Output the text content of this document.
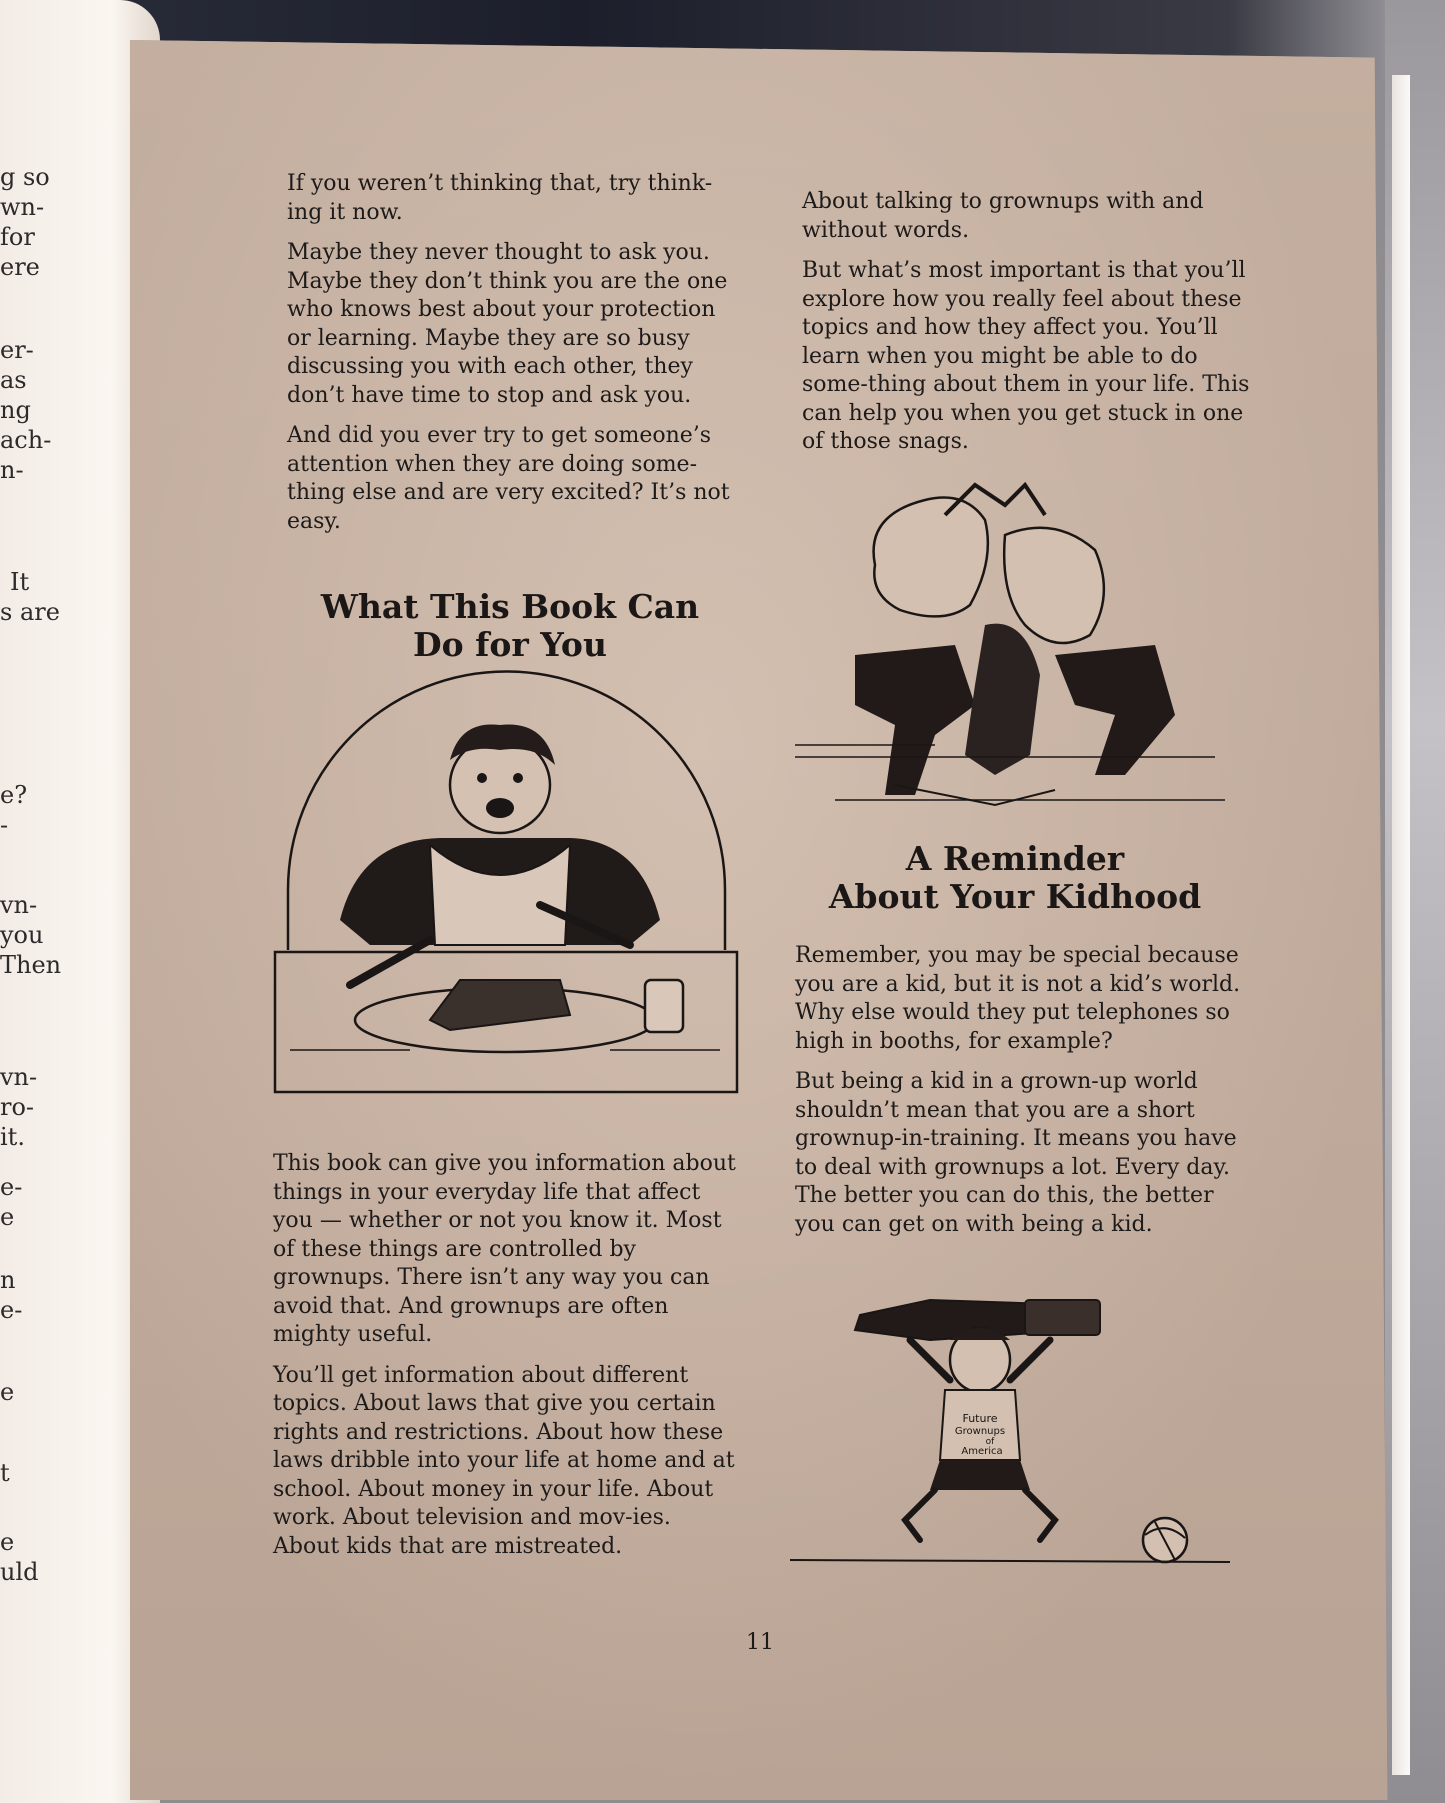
g so
wn-
for
ere
er-
as
ng
ach-
n-
It
s are
e?
-
vn-
you
Then
vn-
ro-
it.
e-
e
n
e-
e
t
e
uld

If you weren’t thinking that, try think-ing it now.

Maybe they never thought to ask you. Maybe they don’t think you are the one who knows best about your protection or learning. Maybe they are so busy discussing you with each other, they don’t have time to stop and ask you.

And did you ever try to get someone’s attention when they are doing some-thing else and are very excited? It’s not easy.

What This Book Can
Do for You

This book can give you information about things in your everyday life that affect you — whether or not you know it. Most of these things are controlled by grownups. There isn’t any way you can avoid that. And grownups are often mighty useful.

You’ll get information about different topics. About laws that give you certain rights and restrictions. About how these laws dribble into your life at home and at school. About money in your life. About work. About television and mov-ies. About kids that are mistreated.

About talking to grownups with and without words.

But what’s most important is that you’ll explore how you really feel about these topics and how they affect you. You’ll learn when you might be able to do some-thing about them in your life. This can help you when you get stuck in one of those snags.

A Reminder
About Your Kidhood

Remember, you may be special because you are a kid, but it is not a kid’s world. Why else would they put telephones so high in booths, for example?

But being a kid in a grown-up world shouldn’t mean that you are a short grownup-in-training. It means you have to deal with grownups a lot. Every day. The better you can do this, the better you can get on with being a kid.

Future
Grownups
of
America
11
